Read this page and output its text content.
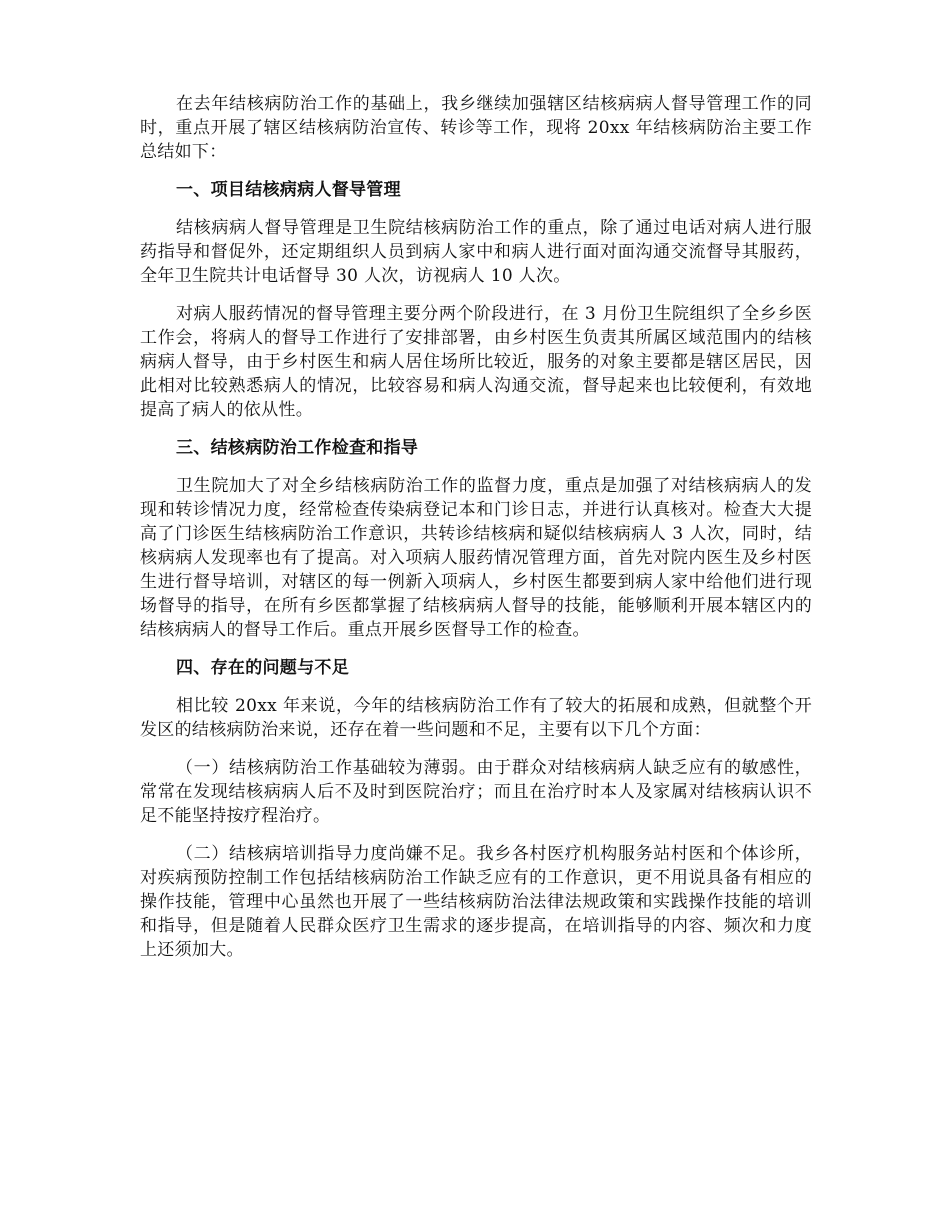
在去年结核病防治工作的基础上，我乡继续加强辖区结核病病人督导管理工作的同时，重点开展了辖区结核病防治宣传、转诊等工作，现将 20xx 年结核病防治主要工作总结如下：

一、项目结核病病人督导管理

结核病病人督导管理是卫生院结核病防治工作的重点，除了通过电话对病人进行服药指导和督促外，还定期组织人员到病人家中和病人进行面对面沟通交流督导其服药，全年卫生院共计电话督导 30 人次，访视病人 10 人次。

对病人服药情况的督导管理主要分两个阶段进行，在 3 月份卫生院组织了全乡乡医工作会，将病人的督导工作进行了安排部署，由乡村医生负责其所属区域范围内的结核病病人督导，由于乡村医生和病人居住场所比较近，服务的对象主要都是辖区居民，因此相对比较熟悉病人的情况，比较容易和病人沟通交流，督导起来也比较便利，有效地提高了病人的依从性。

三、结核病防治工作检查和指导

卫生院加大了对全乡结核病防治工作的监督力度，重点是加强了对结核病病人的发现和转诊情况力度，经常检查传染病登记本和门诊日志，并进行认真核对。检查大大提高了门诊医生结核病防治工作意识，共转诊结核病和疑似结核病病人 3 人次，同时，结核病病人发现率也有了提高。对入项病人服药情况管理方面，首先对院内医生及乡村医生进行督导培训，对辖区的每一例新入项病人，乡村医生都要到病人家中给他们进行现场督导的指导，在所有乡医都掌握了结核病病人督导的技能，能够顺利开展本辖区内的结核病病人的督导工作后。重点开展乡医督导工作的检查。

四、存在的问题与不足

相比较 20xx 年来说，今年的结核病防治工作有了较大的拓展和成熟，但就整个开发区的结核病防治来说，还存在着一些问题和不足，主要有以下几个方面：

（一）结核病防治工作基础较为薄弱。由于群众对结核病病人缺乏应有的敏感性，常常在发现结核病病人后不及时到医院治疗；而且在治疗时本人及家属对结核病认识不足不能坚持按疗程治疗。

（二）结核病培训指导力度尚嫌不足。我乡各村医疗机构服务站村医和个体诊所，对疾病预防控制工作包括结核病防治工作缺乏应有的工作意识，更不用说具备有相应的操作技能，管理中心虽然也开展了一些结核病防治法律法规政策和实践操作技能的培训和指导，但是随着人民群众医疗卫生需求的逐步提高，在培训指导的内容、频次和力度上还须加大。
